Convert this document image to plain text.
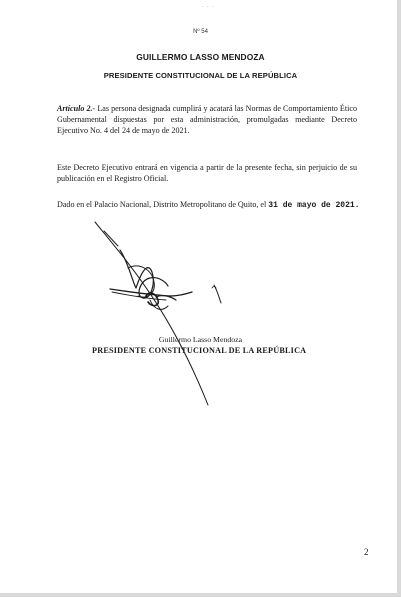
· · ·
Nº 54
GUILLERMO LASSO MENDOZA
PRESIDENTE CONSTITUCIONAL DE LA REPÚBLICA
Artículo 2.- Las persona designada cumplirá y acatará las Normas de Comportamiento Ético Gubernamental dispuestas por esta administración, promulgadas mediante Decreto Ejecutivo No. 4 del 24 de mayo de 2021.
Este Decreto Ejecutivo entrará en vigencia a partir de la presente fecha, sin perjuicio de su publicación en el Registro Oficial.
Dado en el Palacio Nacional, Distrito Metropolitano de Quito, el 31 de mayo de 2021.
Guillermo Lasso Mendoza
PRESIDENTE CONSTITUCIONAL DE LA REPÚBLICA
2
